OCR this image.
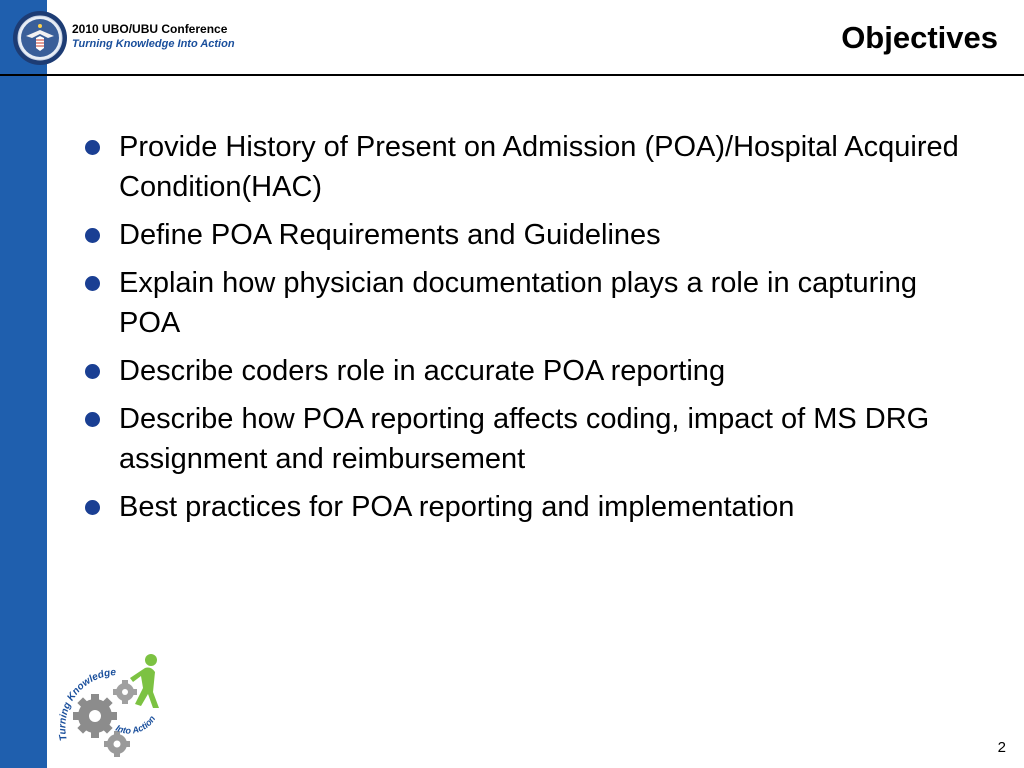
2010 UBO/UBU Conference
Turning Knowledge Into Action	Objectives
Provide History of Present on Admission (POA)/Hospital Acquired Condition(HAC)
Define POA Requirements and Guidelines
Explain how physician documentation plays a role in capturing POA
Describe coders role in accurate POA reporting
Describe how POA reporting affects coding, impact of MS DRG assignment and reimbursement
Best practices for POA reporting and implementation
Turning Knowledge
Into Action
2
